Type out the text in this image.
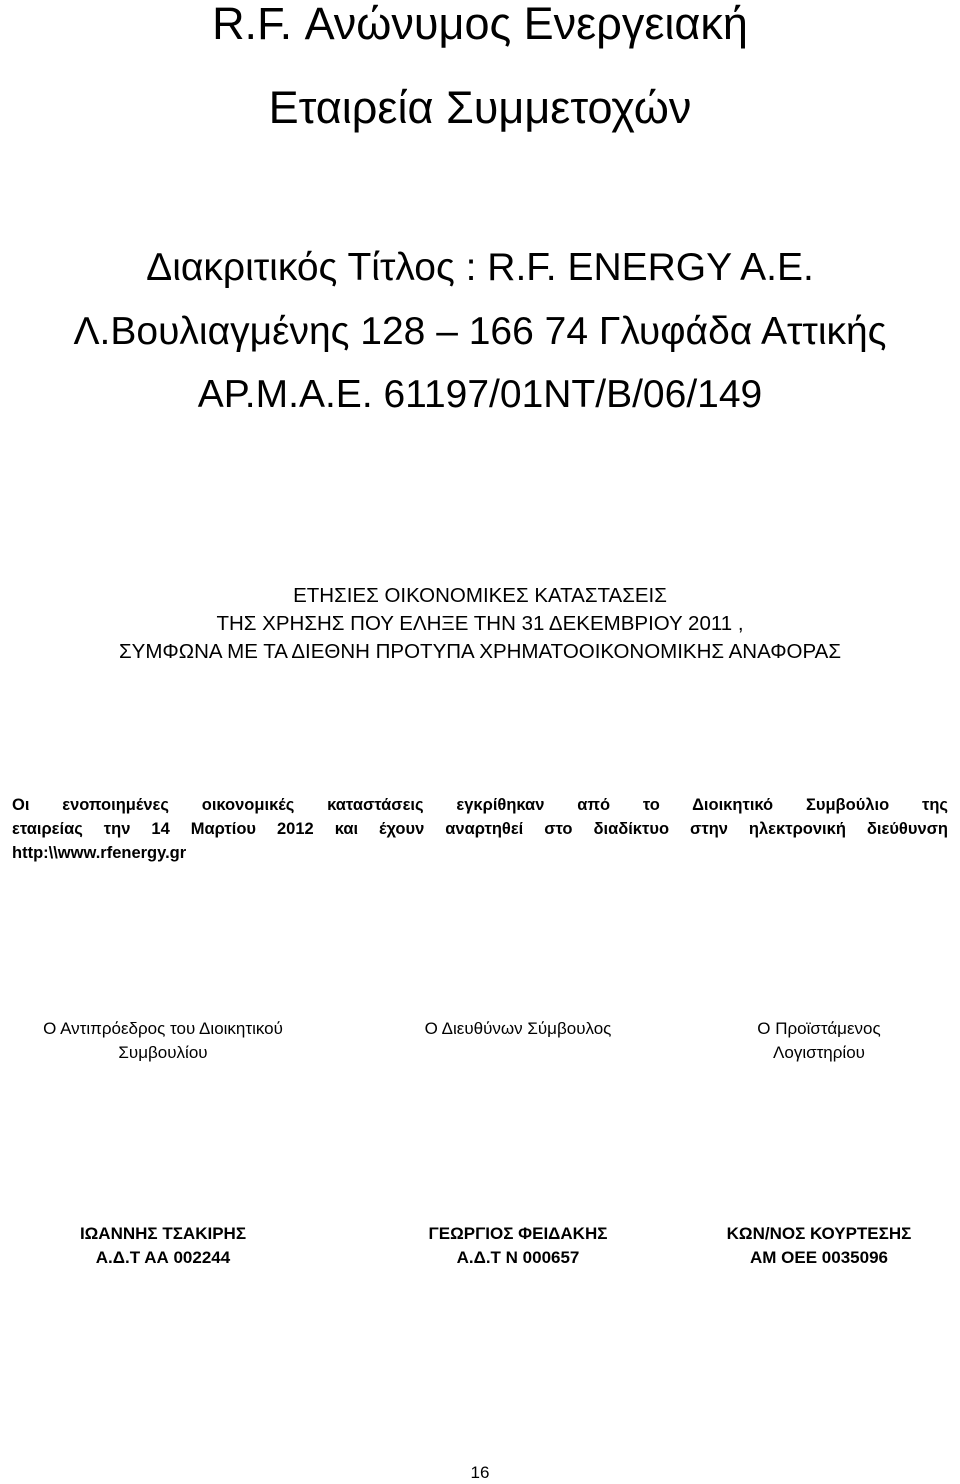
R.F. Ανώνυμος Ενεργειακή
Εταιρεία Συμμετοχών
Διακριτικός Τίτλος : R.F. ENERGY A.E.
Λ.Βουλιαγμένης 128 – 166 74 Γλυφάδα Αττικής
ΑΡ.Μ.Α.Ε. 61197/01ΝΤ/Β/06/149
ΕΤΗΣΙΕΣ ΟΙΚΟΝΟΜΙΚΕΣ ΚΑΤΑΣΤΑΣΕΙΣ
ΤΗΣ ΧΡΗΣΗΣ ΠΟΥ ΕΛΗΞΕ ΤΗΝ 31 ΔΕΚΕΜΒΡΙΟΥ 2011 ,
ΣΥΜΦΩΝΑ ΜΕ ΤΑ ΔΙΕΘΝΗ ΠΡΟΤΥΠΑ ΧΡΗΜΑΤΟΟΙΚΟΝΟΜΙΚΗΣ ΑΝΑΦΟΡΑΣ
Οι ενοποιημένες οικονομικές καταστάσεις εγκρίθηκαν από το Διοικητικό Συμβούλιο της
εταιρείας την 14 Μαρτίου 2012 και έχουν αναρτηθεί στο διαδίκτυο στην ηλεκτρονική διεύθυνση
http:\\www.rfenergy.gr
Ο Αντιπρόεδρος του Διοικητικού
Συμβουλίου
Ο Διευθύνων Σύμβουλος	Ο Προϊστάμενος
Λογιστηρίου
ΙΩΑΝΝΗΣ ΤΣΑΚΙΡΗΣ
Α.Δ.Τ ΑΑ 002244
ΓΕΩΡΓΙΟΣ ΦΕΙΔΑΚΗΣ
Α.Δ.Τ Ν 000657
ΚΩΝ/ΝΟΣ ΚΟΥΡΤΕΣΗΣ
ΑΜ ΟΕΕ 0035096
16
